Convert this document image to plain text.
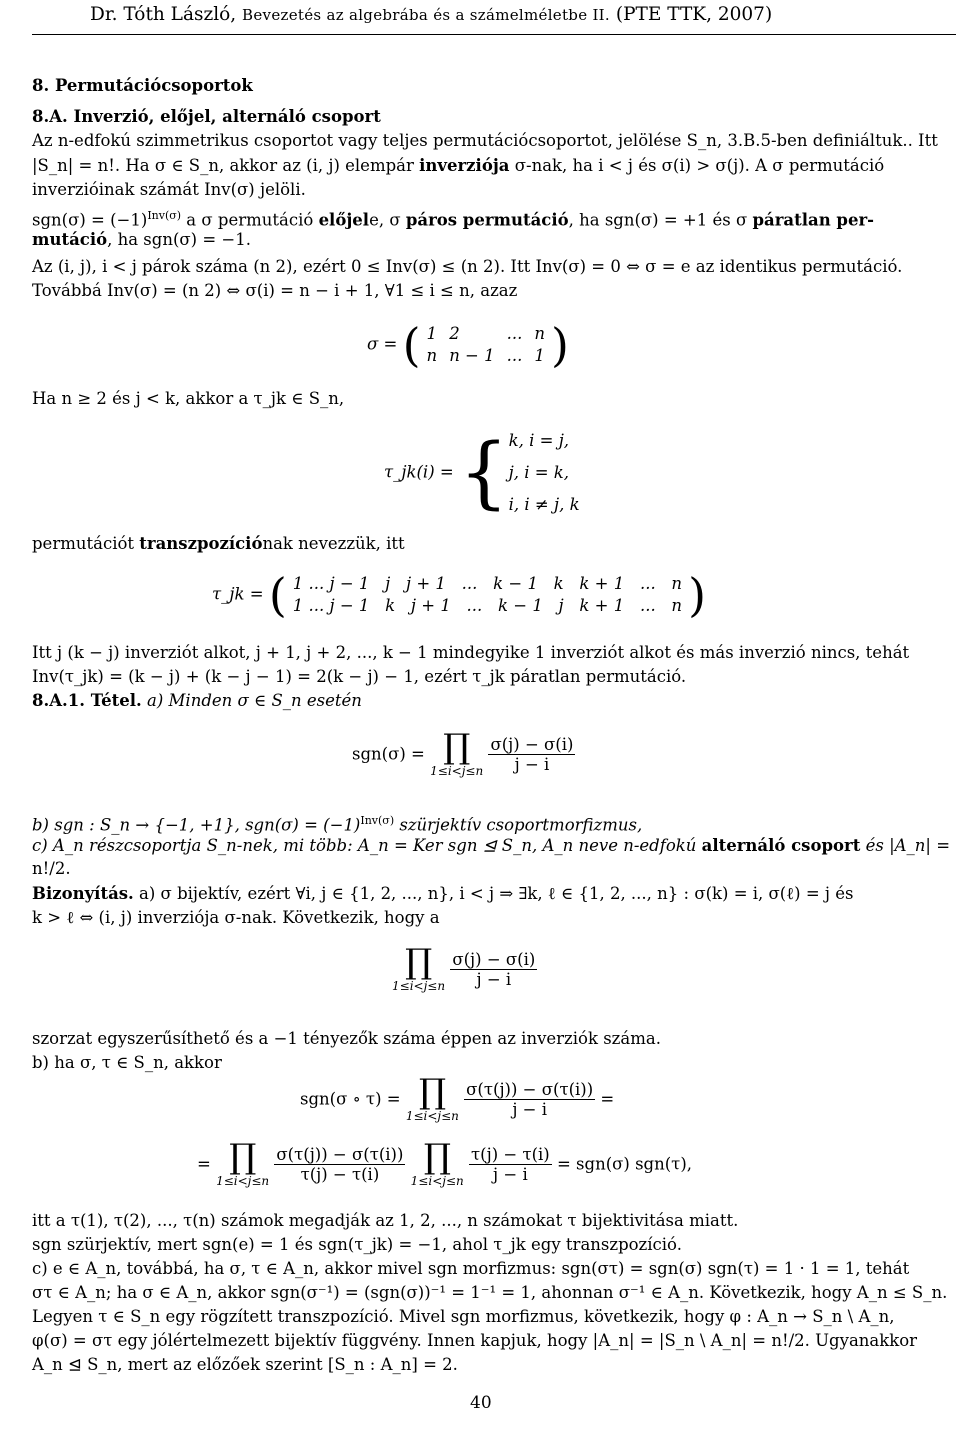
Dr. Tóth László, Bevezetés az algebrába és a számelméletbe II. (PTE TTK, 2007)
8. Permutációcsoportok
8.A. Inverzió, előjel, alternáló csoport
Az n-edfokú szimmetrikus csoportot vagy teljes permutációcsoportot, jelölése S_n, 3.B.5-ben definiáltuk.. Itt
|S_n| = n!. Ha σ ∈ S_n, akkor az (i, j) elempár inverziója σ-nak, ha i < j és σ(i) > σ(j). A σ permutáció
inverzióinak számát Inv(σ) jelöli.
$sgn(\sigma) = (-1)^{Inv(\sigma)}$ a σ permutáció előjele, σ páros permutáció, ha sgn(σ) = +1 és σ páratlan per-
mutáció, ha sgn(σ) = −1.
Az (i, j), i < j párok száma (n 2), ezért 0 ≤ Inv(σ) ≤ (n 2). Itt Inv(σ) = 0 ⇔ σ = e az identikus permutáció.
Továbbá Inv(σ) = (n 2) ⇔ σ(i) = n − i + 1, ∀1 ≤ i ≤ n, azaz
σ = ( 1	2	...	n
n	n − 1	...	1 )
Ha n ≥ 2 és j < k, akkor a τ_jk ∈ S_n,
τ_jk(i) = { k, i = j,
j, i = k,
i, i ≠ j, k
permutációt transzpozíciónak nevezzük, itt
τ_jk = ( 1 ... j − 1   j   j + 1   ...   k − 1   k   k + 1   ...   n
1 ... j − 1   k   j + 1   ...   k − 1   j   k + 1   ...   n )
Itt j (k − j) inverziót alkot, j + 1, j + 2, ..., k − 1 mindegyike 1 inverziót alkot és más inverzió nincs, tehát
Inv(τ_jk) = (k − j) + (k − j − 1) = 2(k − j) − 1, ezért τ_jk páratlan permutáció.
8.A.1. Tétel. a) Minden σ ∈ S_n esetén
sgn(σ) = ∏
1≤i<j≤n
$\frac{\sigma(j) - \sigma(i)}{j - i}$
b) sgn : S_n → {−1, +1}, $sgn(\sigma) = (-1)^{Inv(\sigma)}$ szürjektív csoportmorfizmus,
c) A_n részcsoportja S_n-nek, mi több: A_n = Ker sgn ⊴ S_n, A_n neve n-edfokú alternáló csoport és |A_n| =
n!/2.
Bizonyítás. a) σ bijektív, ezért ∀i, j ∈ {1, 2, ..., n}, i < j ⇒ ∃k, ℓ ∈ {1, 2, ..., n} : σ(k) = i, σ(ℓ) = j és
k > ℓ ⇔ (i, j) inverziója σ-nak. Következik, hogy a
∏
1≤i<j≤n
$\frac{\sigma(j) - \sigma(i)}{j - i}$
szorzat egyszerűsíthető és a −1 tényezők száma éppen az inverziók száma.
b) ha σ, τ ∈ S_n, akkor
sgn(σ ∘ τ) = ∏
1≤i<j≤n
$\frac{\sigma(\tau(j)) - \sigma(\tau(i))}{j - i}$ =
= ∏
1≤i<j≤n
$\frac{\sigma(\tau(j)) - \sigma(\tau(i))}{\tau(j) - \tau(i)}$
∏
1≤i<j≤n
$\frac{\tau(j) - \tau(i)}{j - i} = sgn(\sigma)$ sgn(τ),
itt a τ(1), τ(2), ..., τ(n) számok megadják az 1, 2, ..., n számokat τ bijektivitása miatt.
sgn szürjektív, mert sgn(e) = 1 és sgn(τ_jk) = −1, ahol τ_jk egy transzpozíció.
c) e ∈ A_n, továbbá, ha σ, τ ∈ A_n, akkor mivel sgn morfizmus: sgn(στ) = sgn(σ) sgn(τ) = 1 · 1 = 1, tehát
στ ∈ A_n; ha σ ∈ A_n, akkor sgn(σ⁻¹) = (sgn(σ))⁻¹ = 1⁻¹ = 1, ahonnan σ⁻¹ ∈ A_n. Következik, hogy A_n ≤ S_n.
Legyen τ ∈ S_n egy rögzített transzpozíció. Mivel sgn morfizmus, következik, hogy φ : A_n → S_n \ A_n,
φ(σ) = στ egy jólértelmezett bijektív függvény. Innen kapjuk, hogy |A_n| = |S_n \ A_n| = n!/2. Ugyanakkor
A_n ⊴ S_n, mert az előzőek szerint [S_n : A_n] = 2.
40
